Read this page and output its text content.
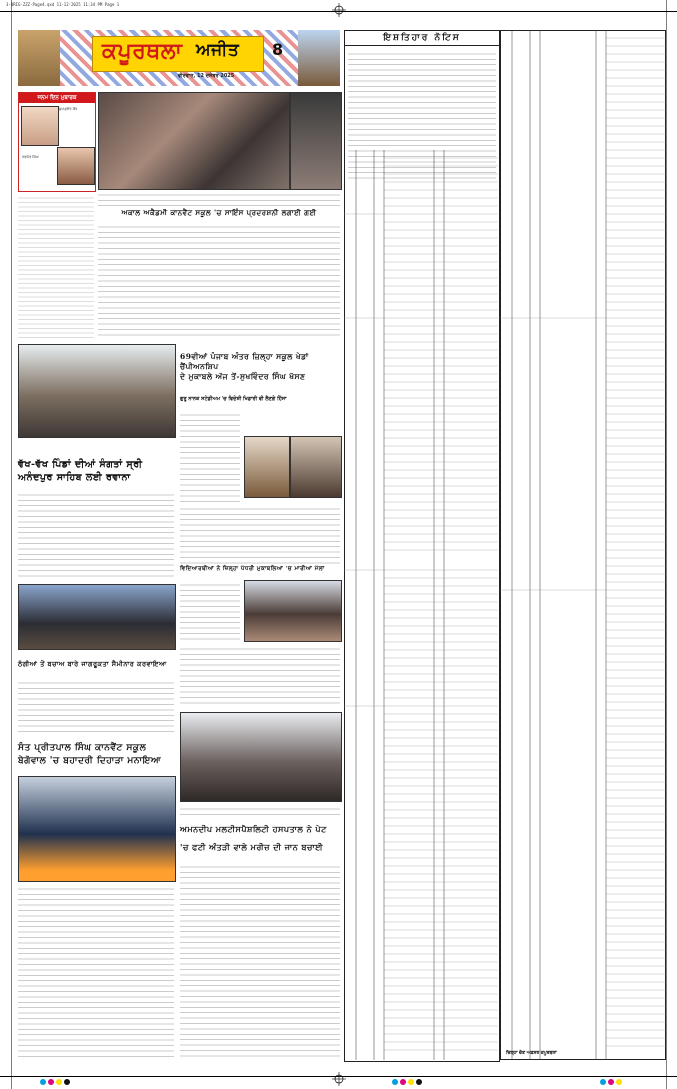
3-ORIG-ZZZ-Page4.qxd 11-12-2025 11:34 PM Page 1
ਕਪੂਰਥਲਾ ਅਜੀਤ 8
ਵੀਰਵਾਰ, 12 ਦਸੰਬਰ 2025
ਜਨਮ ਦਿਨ ਮੁਬਾਰਕ
ਸੁਖਪ੍ਰੀਤ ਕੌਰ
ਨਵਜੋਤ ਸਿੰਘ
ਅਕਾਲ ਅਕੈਡਮੀ ਕਾਨਵੈਂਟ ਸਕੂਲ 'ਚ ਸਾਇੰਸ ਪ੍ਰਦਰਸ਼ਨੀ ਲਗਾਈ ਗਈ
69ਵੀਆਂ ਪੰਜਾਬ ਅੰਤਰ ਜ਼ਿਲ੍ਹਾ ਸਕੂਲ ਖੇਡਾਂ ਚੈਂਪੀਅਨਸ਼ਿਪ
ਦੇ ਮੁਕਾਬਲੇ ਅੱਜ ਤੋਂ-ਸੁਖਵਿੰਦਰ ਸਿੰਘ ਖੱਸਣ
ਗੁਰੂ ਨਾਨਕ ਸਟੇਡੀਅਮ 'ਚ ਵਿਦੇਸ਼ੀ ਖਿਡਾਰੀ ਵੀ ਲੈਣਗੇ ਹਿੱਸਾ
ਵੱਖ-ਵੱਖ ਪਿੰਡਾਂ ਦੀਆਂ ਸੰਗਤਾਂ ਸ੍ਰੀ ਅਨੰਦਪੁਰ ਸਾਹਿਬ ਲਈ ਰਵਾਨਾ
ਠੱਗੀਆਂ ਤੋਂ ਬਚਾਅ ਬਾਰੇ ਜਾਗਰੂਕਤਾ ਸੈਮੀਨਾਰ ਕਰਵਾਇਆ
ਵਿਦਿਆਰਥੀਆਂ ਨੇ ਜ਼ਿਲ੍ਹਾ ਪੱਧਰੀ ਮੁਕਾਬਲਿਆਂ 'ਚ ਮਾਰੀਆਂ ਮੱਲਾਂ
ਸੰਤ ਪ੍ਰੀਤਪਾਲ ਸਿੰਘ ਕਾਨਵੈਂਟ ਸਕੂਲ ਬੇਗੋਵਾਲ 'ਚ ਬਹਾਦਰੀ ਦਿਹਾੜਾ ਮਨਾਇਆ
ਅਮਨਦੀਪ ਮਲਟੀਸਪੈਸ਼ਲਿਟੀ ਹਸਪਤਾਲ ਨੇ ਪੇਟ
'ਚ ਫਟੀ ਅੰਤੜੀ ਵਾਲੇ ਮਰੀਜ਼ ਦੀ ਜਾਨ ਬਚਾਈ
ਇਸ਼ਤਿਹਾਰ ਨੋਟਿਸ
ਜ਼ਿਲ੍ਹਾ ਚੋਣ ਅਫ਼ਸਰ ਕਪੂਰਥਲਾ
